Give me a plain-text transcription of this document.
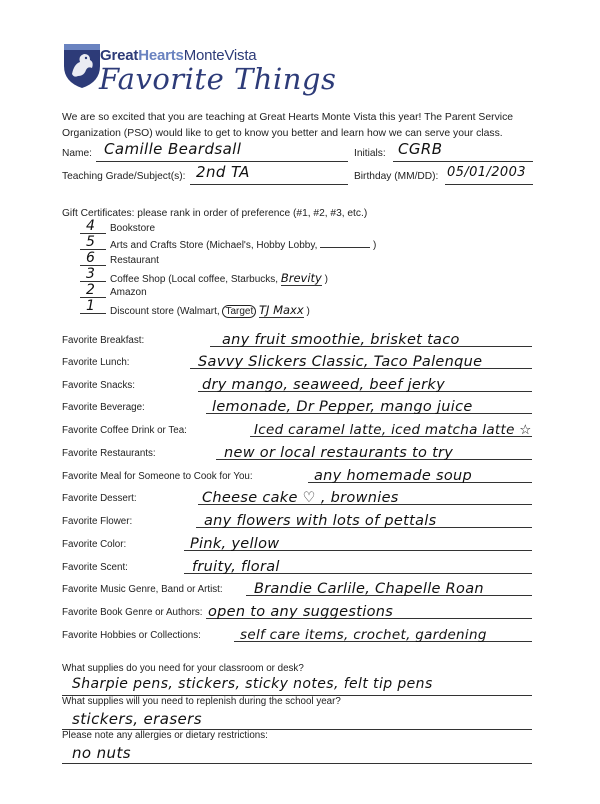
GreatHeartsMonteVista
Favorite Things
We are so excited that you are teaching at Great Hearts Monte Vista this year! The Parent Service Organization (PSO) would like to get to know you better and learn how we can serve your class.
Name: Camille Beardsall	Initials: CGRB
Teaching Grade/Subject(s): 2nd TA	Birthday (MM/DD): 05/01/2003
Gift Certificates: please rank in order of preference (#1, #2, #3, etc.)
4 Bookstore
5 Arts and Crafts Store (Michael's, Hobby Lobby,	)
6 Restaurant
3 Coffee Shop (Local coffee, Starbucks, Brevity )
2 Amazon
1 Discount store (Walmart, Target TJ Maxx )
Favorite Breakfast:	any fruit smoothie, brisket taco
Favorite Lunch:	Savvy Slickers Classic, Taco Palenque
Favorite Snacks:	dry mango, seaweed, beef jerky
Favorite Beverage:	lemonade, Dr Pepper, mango juice
Favorite Coffee Drink or Tea:	Iced caramel latte, iced matcha latte ☆
Favorite Restaurants:	new or local restaurants to try
Favorite Meal for Someone to Cook for You:	any homemade soup
Favorite Dessert:	Cheese cake ♡ , brownies
Favorite Flower:	any flowers with lots of pettals
Favorite Color:	Pink, yellow
Favorite Scent:	fruity, floral
Favorite Music Genre, Band or Artist: Brandie Carlile, Chapelle Roan
Favorite Book Genre or Authors: open to any suggestions
Favorite Hobbies or Collections:	self care items, crochet, gardening
What supplies do you need for your classroom or desk?
Sharpie pens, stickers, sticky notes, felt tip pens
What supplies will you need to replenish during the school year?
stickers, erasers
Please note any allergies or dietary restrictions:
no nuts
